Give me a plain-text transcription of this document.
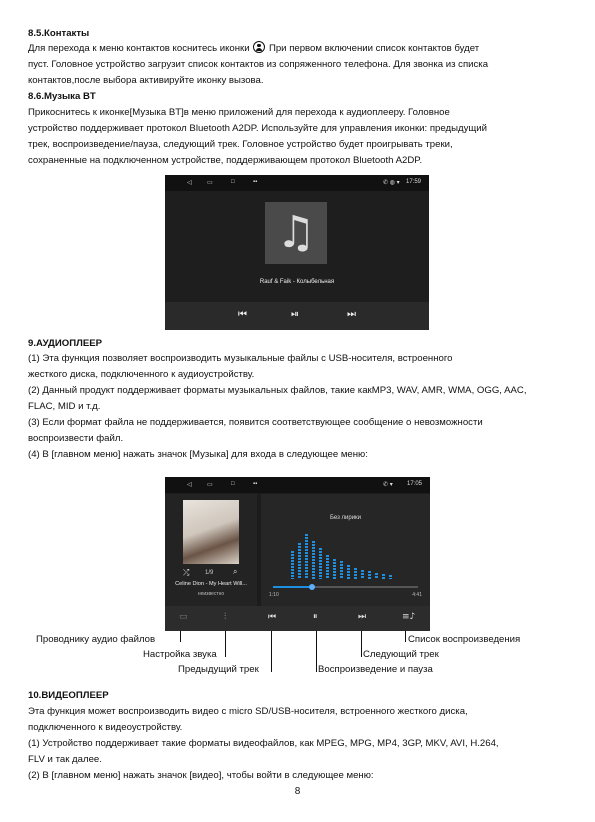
8.5.Контакты

Для перехода к меню контактов коснитесь иконки При первом включении список контактов будет

пуст. Головное устройство загрузит список контактов из сопряженного телефона. Для звонка из списка

контактов,после выбора активируйте иконку вызова.

8.6.Музыка BT

Прикоснитесь к иконке[Музыка BT]в меню приложений для перехода к аудиоплееру. Головное

устройство поддерживает протокол Bluetooth A2DP. Используйте для управления иконки: предыдущий

трек, воспроизведение/пауза, следующий трек. Головное устройство будет проигрывать треки,

сохраненные на подключенном устройстве, поддерживающем протокол Bluetooth A2DP.

◁	▭	□	▪▪	✆ ◍ ▾ 17:59
♫
Rauf & Faik - Колыбельная
⏮	⏯	⏭

9.АУДИОПЛЕЕР

(1) Эта функция позволяет воспроизводить музыкальные файлы с USB-носителя, встроенного

жесткого диска, подключенного к аудиоустройству.

(2) Данный продукт поддерживает форматы музыкальных файлов, такие какMP3, WAV, AMR, WMA, OGG, AAC,

FLAC, MID и т.д.

(3) Если формат файла не поддерживается, появится соответствующее сообщение о невозможности

воспроизвести файл.

(4) В [главном меню] нажать значок [Музыка] для входа в следующее меню:

◁	▭	□	▪▪	✆ ▾ 17:05
⤮	1/9 ⌕
Celine Dion - My Heart Will...
неизвестно
Без лирики
1:10	4:41
▭	⫶	⏮	⏸	⏭	≡♪
Проводнику аудио файлов
Настройка звука
Предыдущий трек	Воспроизведение и пауза
Следующий трек
Список воспроизведения

10.ВИДЕОПЛЕЕР

Эта функция может воспроизводить видео с micro SD/USB-носителя, встроенного жесткого диска,

подключенного к видеоустройству.

(1) Устройство поддерживает такие форматы видеофайлов, как MPEG, MPG, MP4, 3GP, MKV, AVI, H.264,

FLV и так далее.

(2) В [главном меню] нажать значок [видео], чтобы войти в следующее меню:

8
